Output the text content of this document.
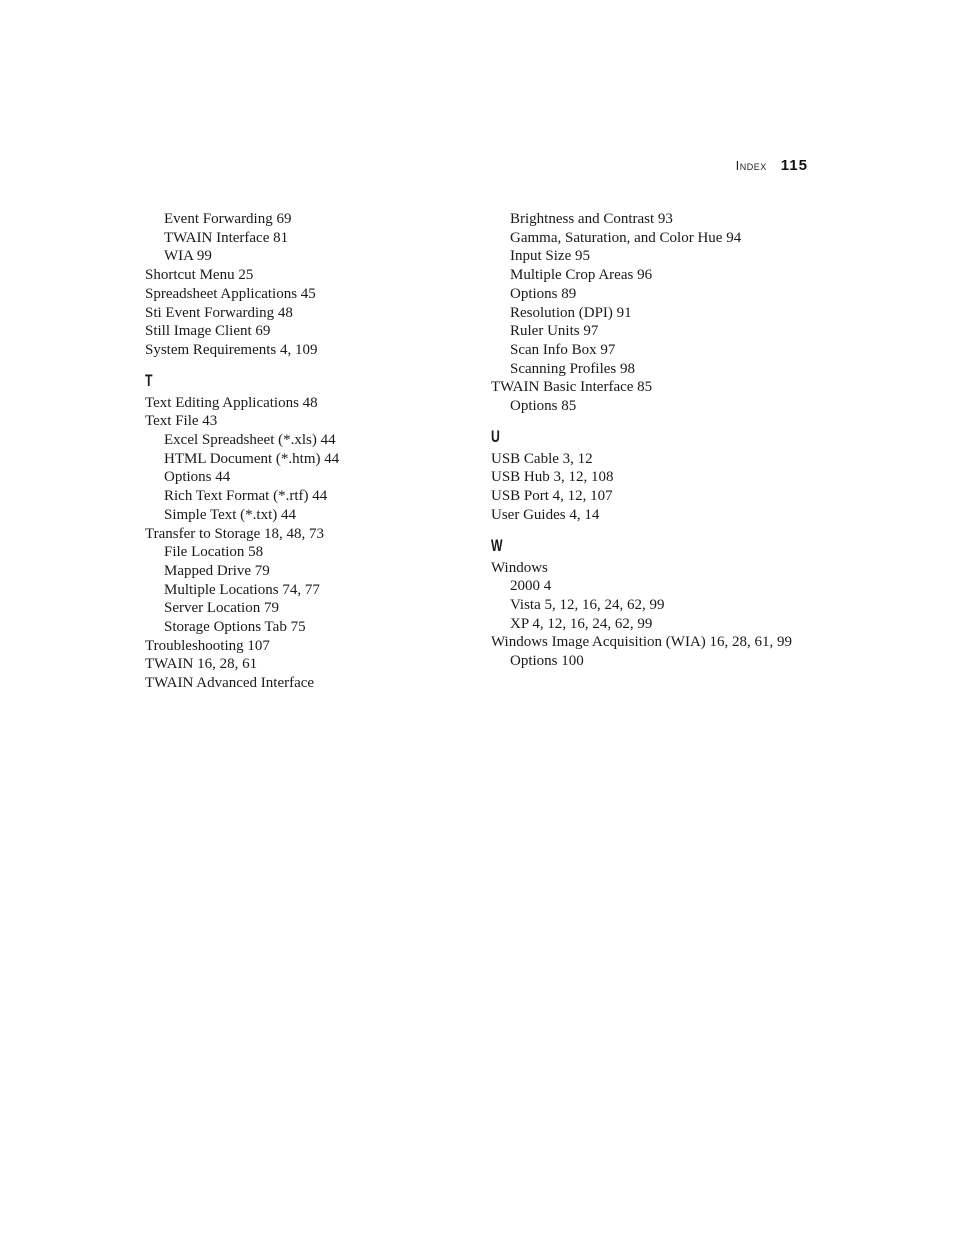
Index 115
Event Forwarding 69
TWAIN Interface 81
WIA 99
Shortcut Menu 25
Spreadsheet Applications 45
Sti Event Forwarding 48
Still Image Client 69
System Requirements 4, 109
T
Text Editing Applications 48
Text File 43
Excel Spreadsheet (*.xls) 44
HTML Document (*.htm) 44
Options 44
Rich Text Format (*.rtf) 44
Simple Text (*.txt) 44
Transfer to Storage 18, 48, 73
File Location 58
Mapped Drive 79
Multiple Locations 74, 77
Server Location 79
Storage Options Tab 75
Troubleshooting 107
TWAIN 16, 28, 61
TWAIN Advanced Interface
Brightness and Contrast 93
Gamma, Saturation, and Color Hue 94
Input Size 95
Multiple Crop Areas 96
Options 89
Resolution (DPI) 91
Ruler Units 97
Scan Info Box 97
Scanning Profiles 98
TWAIN Basic Interface 85
Options 85
U
USB Cable 3, 12
USB Hub 3, 12, 108
USB Port 4, 12, 107
User Guides 4, 14
W
Windows
2000 4
Vista 5, 12, 16, 24, 62, 99
XP 4, 12, 16, 24, 62, 99
Windows Image Acquisition (WIA) 16, 28, 61, 99
Options 100
